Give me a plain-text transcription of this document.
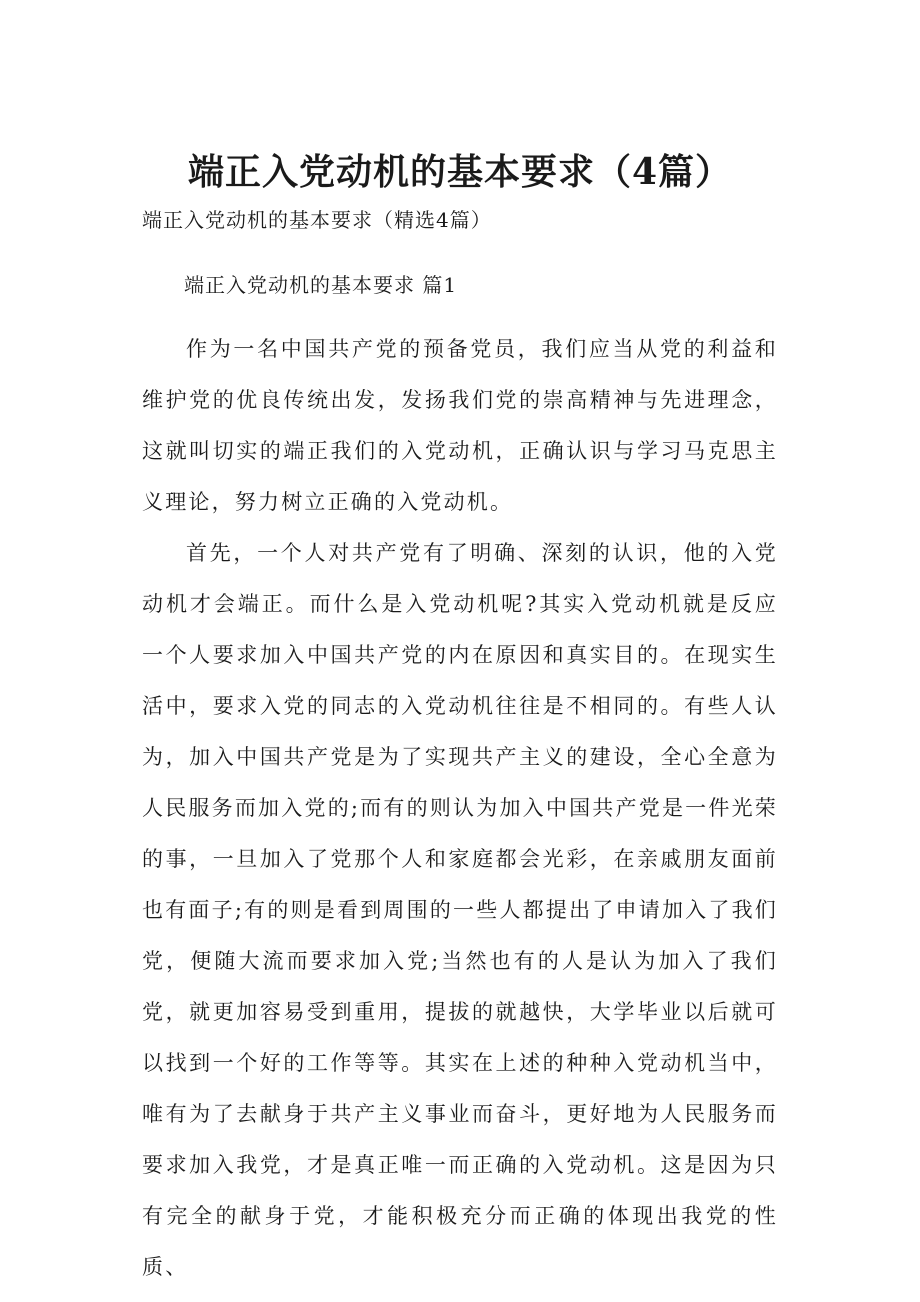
端正入党动机的基本要求（4篇）

端正入党动机的基本要求（精选4篇）

端正入党动机的基本要求 篇1

作为一名中国共产党的预备党员，我们应当从党的利益和维护党的优良传统出发，发扬我们党的崇高精神与先进理念，这就叫切实的端正我们的入党动机，正确认识与学习马克思主义理论，努力树立正确的入党动机。

首先，一个人对共产党有了明确、深刻的认识，他的入党动机才会端正。而什么是入党动机呢?其实入党动机就是反应一个人要求加入中国共产党的内在原因和真实目的。在现实生活中，要求入党的同志的入党动机往往是不相同的。有些人认为，加入中国共产党是为了实现共产主义的建设，全心全意为人民服务而加入党的;而有的则认为加入中国共产党是一件光荣的事，一旦加入了党那个人和家庭都会光彩，在亲戚朋友面前也有面子;有的则是看到周围的一些人都提出了申请加入了我们党，便随大流而要求加入党;当然也有的人是认为加入了我们党，就更加容易受到重用，提拔的就越快，大学毕业以后就可以找到一个好的工作等等。其实在上述的种种入党动机当中，唯有为了去献身于共产主义事业而奋斗，更好地为人民服务而要求加入我党，才是真正唯一而正确的入党动机。这是因为只有完全的献身于党，才能积极充分而正确的体现出我党的性质、
